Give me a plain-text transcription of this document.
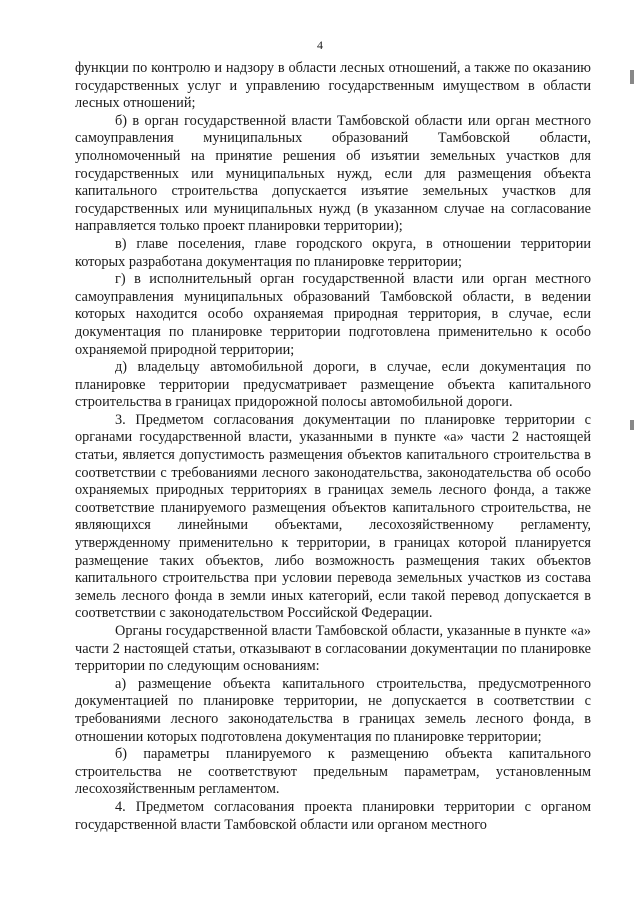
4

функции по контролю и надзору в области лесных отношений, а также по оказанию государственных услуг и управлению государственным имуществом в области лесных отношений;

б) в орган государственной власти Тамбовской области или орган местного самоуправления муниципальных образований Тамбовской области, уполномоченный на принятие решения об изъятии земельных участков для государственных или муниципальных нужд, если для размещения объекта капитального строительства допускается изъятие земельных участков для государственных или муниципальных нужд (в указанном случае на согласование направляется только проект планировки территории);

в) главе поселения, главе городского округа, в отношении территории которых разработана документация по планировке территории;

г) в исполнительный орган государственной власти или орган местного самоуправления муниципальных образований Тамбовской области, в ведении которых находится особо охраняемая природная территория, в случае, если документация по планировке территории подготовлена применительно к особо охраняемой природной территории;

д) владельцу автомобильной дороги, в случае, если документация по планировке территории предусматривает размещение объекта капитального строительства в границах придорожной полосы автомобильной дороги.

3. Предметом согласования документации по планировке территории с органами государственной власти, указанными в пункте «а» части 2 настоящей статьи, является допустимость размещения объектов капитального строительства в соответствии с требованиями лесного законодательства, законодательства об особо охраняемых природных территориях в границах земель лесного фонда, а также соответствие планируемого размещения объектов капитального строительства, не являющихся линейными объектами, лесохозяйственному регламенту, утвержденному применительно к территории, в границах которой планируется размещение таких объектов, либо возможность размещения таких объектов капитального строительства при условии перевода земельных участков из состава земель лесного фонда в земли иных категорий, если такой перевод допускается в соответствии с законодательством Российской Федерации.

Органы государственной власти Тамбовской области, указанные в пункте «а» части 2 настоящей статьи, отказывают в согласовании документации по планировке территории по следующим основаниям:

а) размещение объекта капитального строительства, предусмотренного документацией по планировке территории, не допускается в соответствии с требованиями лесного законодательства в границах земель лесного фонда, в отношении которых подготовлена документация по планировке территории;

б) параметры планируемого к размещению объекта капитального строительства не соответствуют предельным параметрам, установленным лесохозяйственным регламентом.

4. Предметом согласования проекта планировки территории с органом государственной власти Тамбовской области или органом местного
